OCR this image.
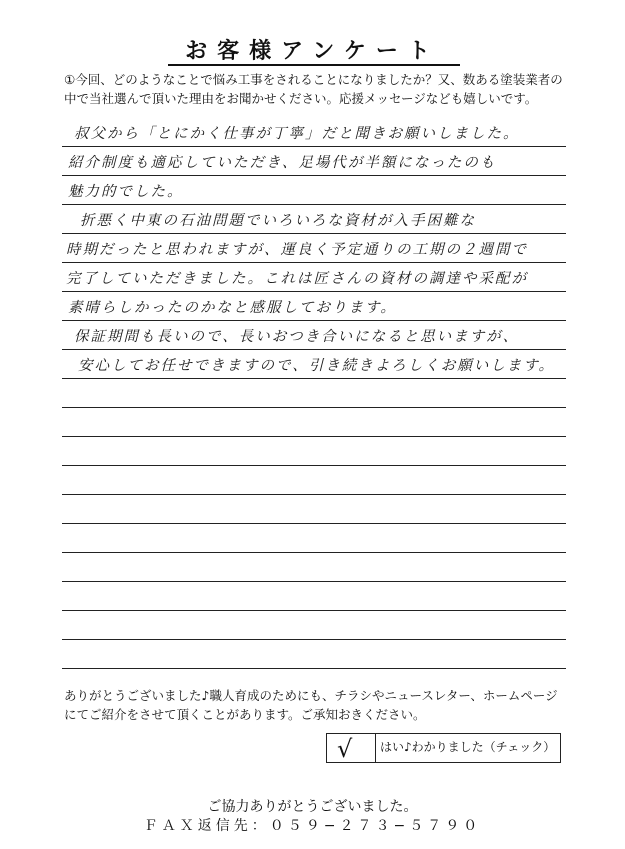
お客様アンケート
①今回、どのようなことで悩み工事をされることになりましたか？又、数ある塗装業者の中で当社選んで頂いた理由をお聞かせください。応援メッセージなども嬉しいです。
叔父から「とにかく仕事が丁寧」だと聞きお願いしました。
紹介制度も適応していただき、足場代が半額になったのも
魅力的でした。
折悪く中東の石油問題でいろいろな資材が入手困難な
時期だったと思われますが、運良く予定通りの工期の２週間で
完了していただきました。これは匠さんの資材の調達や采配が
素晴らしかったのかなと感服しております。
保証期間も長いので、長いおつき合いになると思いますが、
安心してお任せできますので、引き続きよろしくお願いします。
ありがとうございました♪職人育成のためにも、チラシやニュースレター、ホームページにてご紹介をさせて頂くことがあります。ご承知おきください。
√	はい♪わかりました（チェック）
ご協力ありがとうございました。
ＦＡＸ返信先：０５９−２７３−５７９０
